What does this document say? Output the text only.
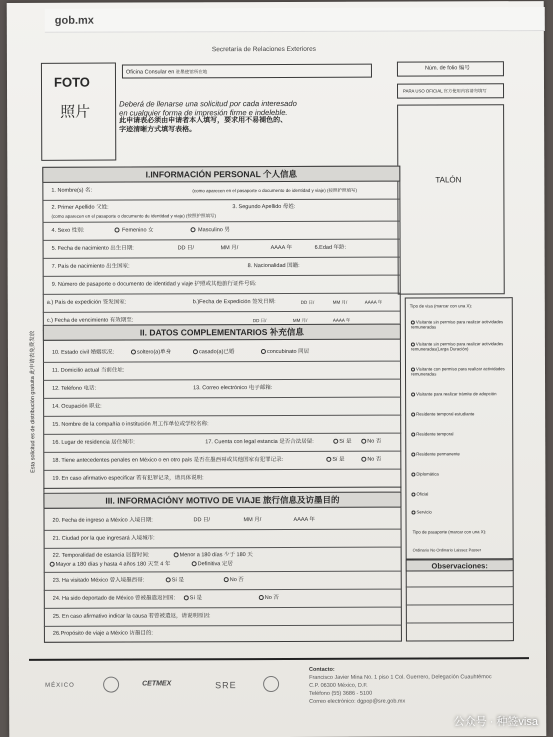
gob.mx
Secretaría de Relaciones Exteriores
FOTO
照片
Oficina Consular en 驻墨使馆所在地
Deberá de llenarse una solicitud por cada interesado
en cualquier forma de impresión firme e indeleble.
此申请表必须由申请者本人填写，要求用不易褪色的、
字迹清晰方式填写表格。
Núm. de folio 编号
PARA USO OFICIAL 官方使用内容请勿填写
TALÓN
Esta solicitud es de distribución gratuita 此申请表免费发放
I.INFORMACIÓN PERSONAL 个人信息
1. Nombre(s) 名:	(como aparecen en el pasaporte o documento de identidad y viaje) (按照护照填写)
2. Primer Apellido 父姓:	3. Segundo Apellido 母姓:
(como aparecen en el pasaporte o documento de identidad y viaje) (按照护照填写)
4. Sexo 性别:	Femenino 女	Masculino 男
5. Fecha de nacimiento 出生日期:	DD 日/	MM 月/	AAAA 年	6.Edad 年龄:
7. País de nacimiento 出生国家:	8. Nacionalidad 国籍:
9. Número de pasaporte o documento de identidad y viaje 护照或其他旅行证件号码:
a.) País de expedición 签发国家:	b.)Fecha de Expedición 签发日期:	DD 日/	MM 月/	AAAA 年
c.) Fecha de vencimiento 有效期至:	DD 日/	MM 月/	AAAA 年
II. DATOS COMPLEMENTARIOS 补充信息
10. Estado civil 婚姻状况:	soltero(a)单身	casado(a)已婚	concubinato 同居
11. Domicilio actual 当前住址:
12. Teléfono 电话:	13. Correo electrónico 电子邮箱:
14. Ocupación 职业:
15. Nombre de la compañía o institución 用工作单位或学校名称:
16. Lugar de residencia 居住城市:	17. Cuenta con legal estancia 是否合法居留:	Sí 是	No 否
18. Tiene antecedentes penales en México o en otro país 是否在墨西哥或其他国家有犯罪记录:	Sí 是	No 否
19. En caso afirmativo especificar 若有犯罪记录，请具体说明:
III. INFORMACIÓNY MOTIVO DE VIAJE 旅行信息及访墨目的
20. Fecha de ingreso a México 入境日期:	DD 日/	MM 月/	AAAA 年
21. Ciudad por la que ingresará 入境城市:
22. Temporalidad de estancia 居留时间:	Menor a 180 días 少于 180 天
Mayor a 180 días y hasta 4 años 180 天至 4 年	Definitiva 定居
23. Ha visitado México 曾入境墨西哥:	Sí 是	No 否
24. Ha sido deportado de México 曾被墨遣返回国:	Sí 是	No 否
25. En caso afirmativo indicar la causa 若曾被遣返，请说明原因:
26.Propósito de viaje a México 访墨目的:
Tipo de visa (marcar con una X):
Visitante sin permiso para realizar actividades remuneradas
Visitante sin permiso para realizar actividades remuneradas(Larga Duración)
Visitante con permiso para realizar actividades remuneradas
Visitante para realizar trámite de adopción
Residente temporal estudiante
Residente temporal
Residente permanente
Diplomática
Oficial
Servicio
Tipo de pasaporte (marcar con una X):
Ordinario No Ordinario Laissez Passer
Observaciones:
MÉXICO	CETMEX	SRE
Contacto:
Francisco Javier Mina No. 1 piso 1 Col. Guerrero, Delegación Cuauhtémoc
C.P. 06300 México, D.F.
Teléfono (55) 3686 - 5100
Correo electrónico: dgpop@sre.gob.mx
公众号 · 种签visa
